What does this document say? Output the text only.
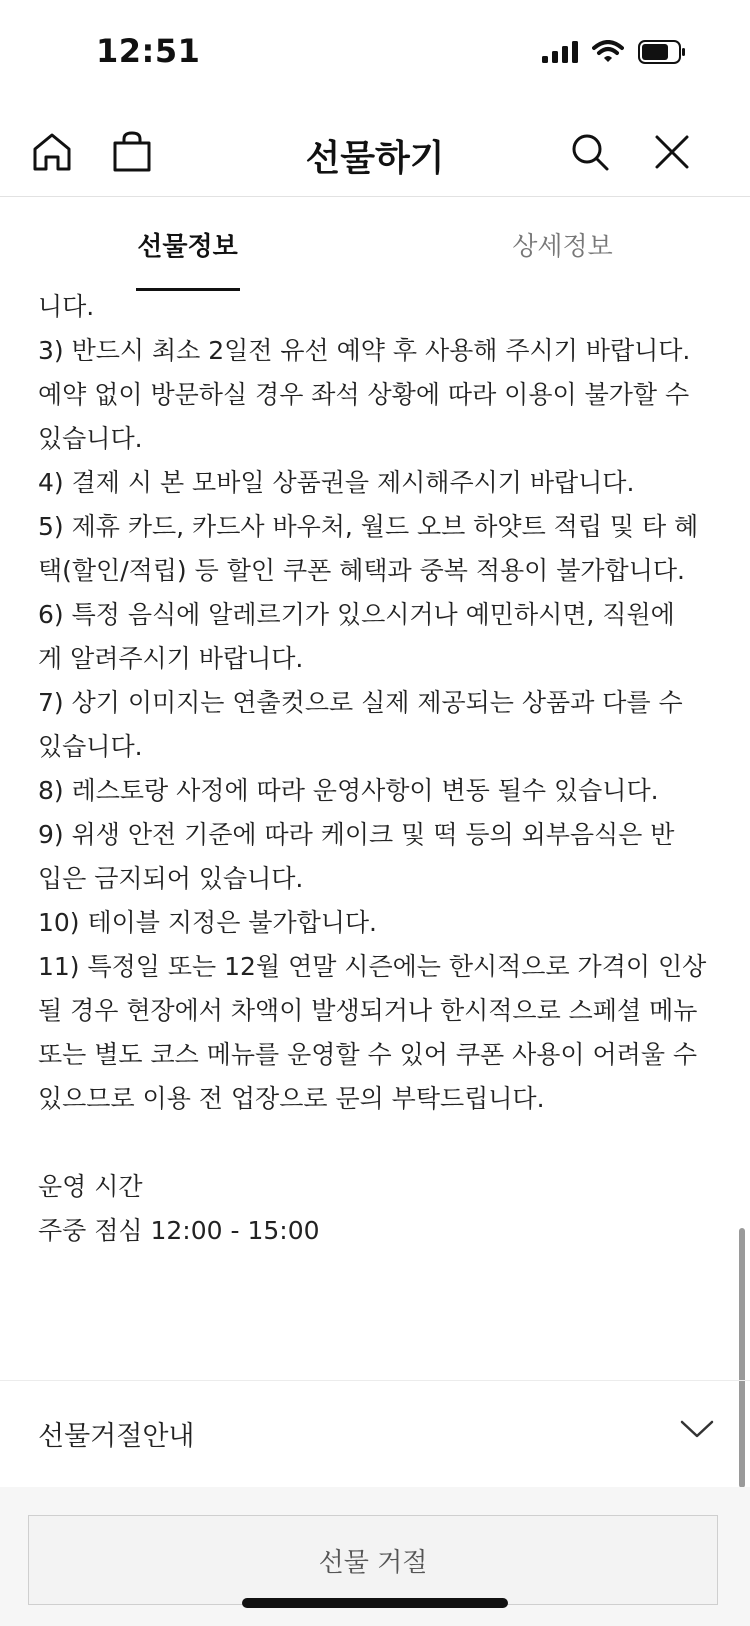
12:51
선물하기
선물정보	상세정보

니다.

3) 반드시 최소 2일전 유선 예약 후 사용해 주시기 바랍니다.

예약 없이 방문하실 경우 좌석 상황에 따라 이용이 불가할 수

있습니다.

4) 결제 시 본 모바일 상품권을 제시해주시기 바랍니다.

5) 제휴 카드, 카드사 바우처, 월드 오브 하얏트 적립 및 타 혜

택(할인/적립) 등 할인 쿠폰 혜택과 중복 적용이 불가합니다.

6) 특정 음식에 알레르기가 있으시거나 예민하시면, 직원에

게 알려주시기 바랍니다.

7) 상기 이미지는 연출컷으로 실제 제공되는 상품과 다를 수

있습니다.

8) 레스토랑 사정에 따라 운영사항이 변동 될수 있습니다.

9) 위생 안전 기준에 따라 케이크 및 떡 등의 외부음식은 반

입은 금지되어 있습니다.

10) 테이블 지정은 불가합니다.

11) 특정일 또는 12월 연말 시즌에는 한시적으로 가격이 인상

될 경우 현장에서 차액이 발생되거나 한시적으로 스페셜 메뉴

또는 별도 코스 메뉴를 운영할 수 있어 쿠폰 사용이 어려울 수

있으므로 이용 전 업장으로 문의 부탁드립니다.

운영 시간

주중 점심 12:00 - 15:00

선물거절안내
선물 거절
